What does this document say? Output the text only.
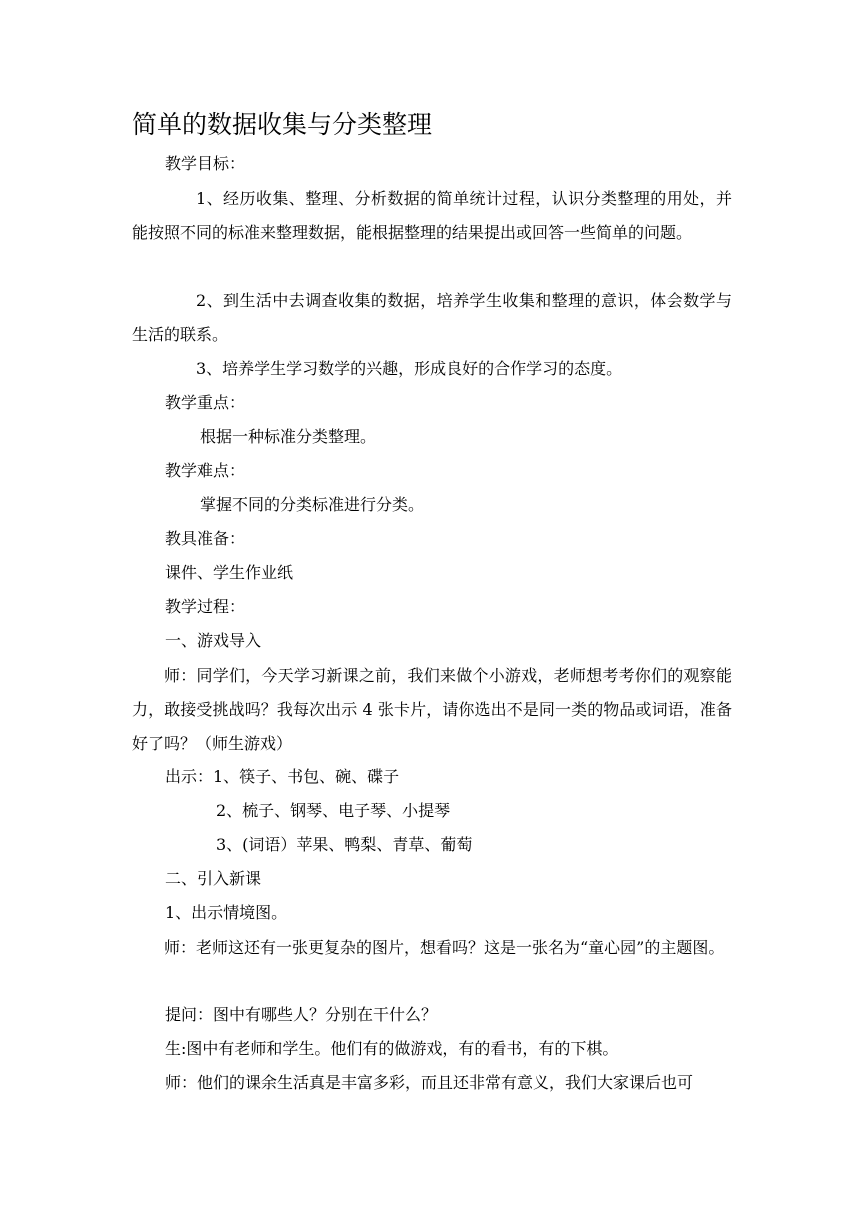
简单的数据收集与分类整理
教学目标：
1、经历收集、整理、分析数据的简单统计过程，认识分类整理的用处，并能按照不同的标准来整理数据，能根据整理的结果提出或回答一些简单的问题。
2、到生活中去调查收集的数据，培养学生收集和整理的意识，体会数学与生活的联系。
3、培养学生学习数学的兴趣，形成良好的合作学习的态度。
教学重点：
根据一种标准分类整理。
教学难点：
掌握不同的分类标准进行分类。
教具准备：
课件、学生作业纸
教学过程：
一、游戏导入
师：同学们，今天学习新课之前，我们来做个小游戏，老师想考考你们的观察能力，敢接受挑战吗？我每次出示 4 张卡片，请你选出不是同一类的物品或词语，准备好了吗？（师生游戏）
出示：1、筷子、书包、碗、碟子
2、梳子、钢琴、电子琴、小提琴
3、(词语）苹果、鸭梨、青草、葡萄
二、引入新课
1、出示情境图。
师：老师这还有一张更复杂的图片，想看吗？这是一张名为“童心园”的主题图。
提问：图中有哪些人？分别在干什么？
生:图中有老师和学生。他们有的做游戏，有的看书，有的下棋。
师：他们的课余生活真是丰富多彩，而且还非常有意义，我们大家课后也可
